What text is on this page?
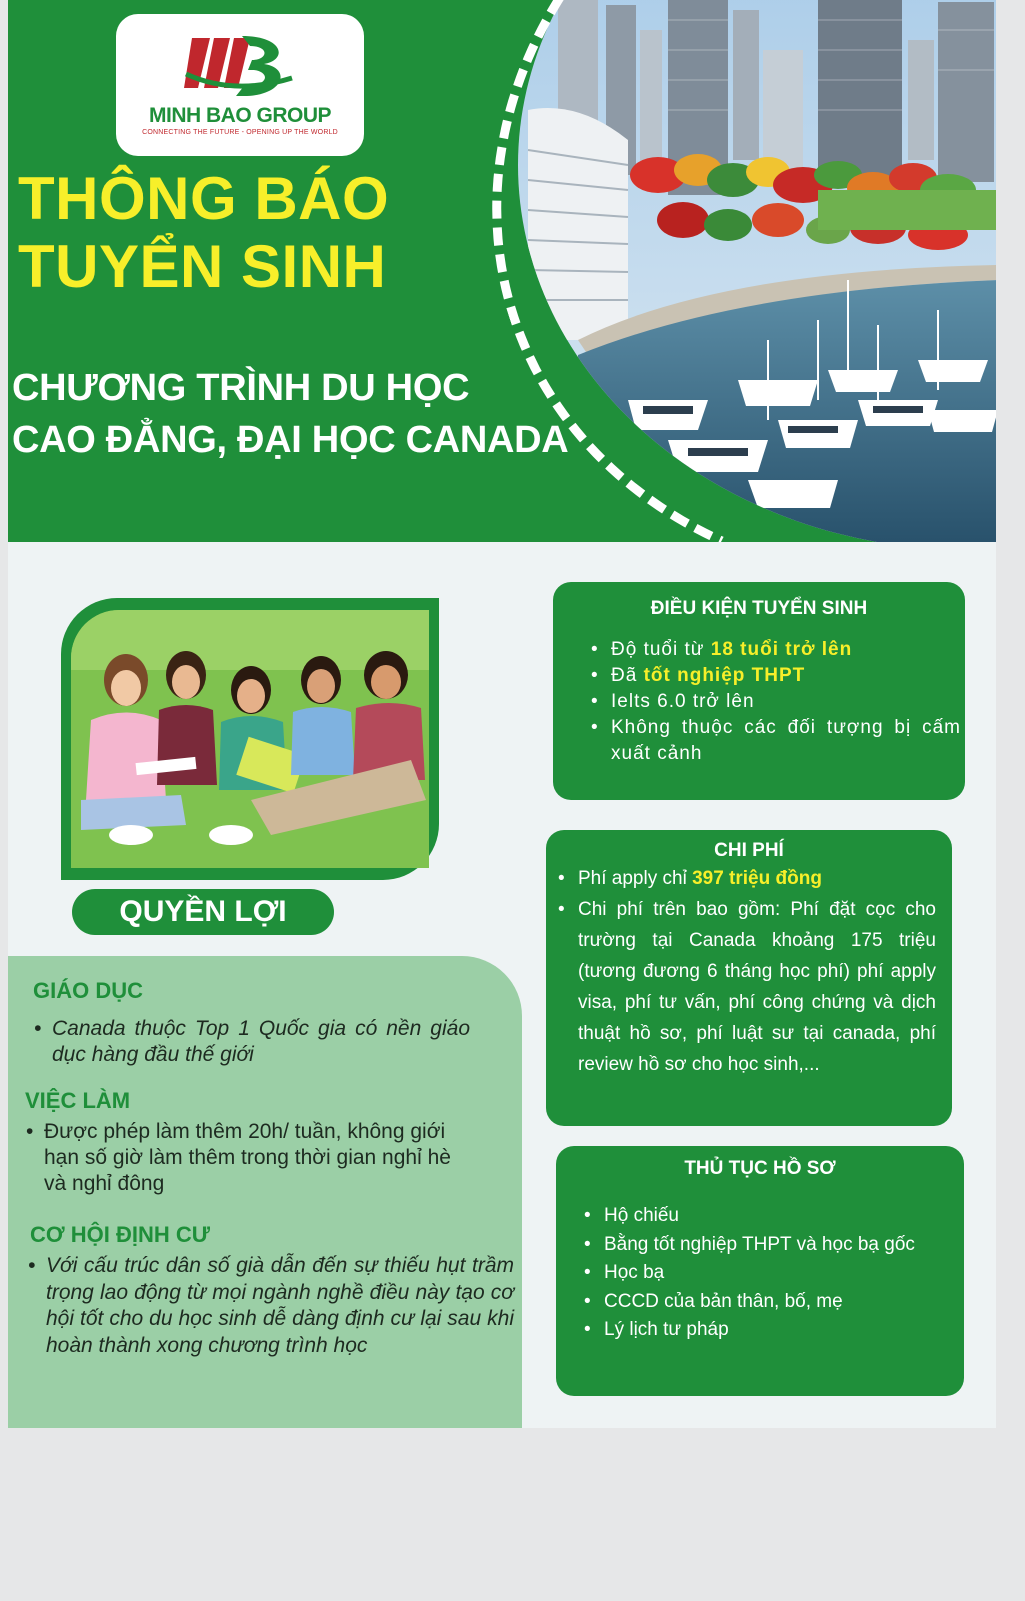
MINH BAO GROUP
CONNECTING THE FUTURE - OPENING UP THE WORLD
THÔNG BÁO
TUYỂN SINH
CHƯƠNG TRÌNH DU HỌC
CAO ĐẲNG, ĐẠI HỌC CANADA
QUYỀN LỢI
GIÁO DỤC
• Canada thuộc Top 1 Quốc gia có nền giáo dục hàng đầu thế giới
VIỆC LÀM
• Được phép làm thêm 20h/ tuần, không giới hạn số giờ làm thêm trong thời gian nghỉ hè và nghỉ đông
CƠ HỘI ĐỊNH CƯ
• Với cấu trúc dân số già dẫn đến sự thiếu hụt trầm trọng lao động từ mọi ngành nghề điều này tạo cơ hội tốt cho du học sinh dễ dàng định cư lại sau khi hoàn thành xong chương trình học
ĐIỀU KIỆN TUYỂN SINH
• Độ tuổi từ 18 tuổi trở lên
• Đã tốt nghiệp THPT
• Ielts 6.0 trở lên
• Không thuộc các đối tượng bị cấm xuất cảnh
CHI PHÍ
• Phí apply chỉ 397 triệu đồng
• Chi phí trên bao gồm: Phí đặt cọc cho trường tại Canada khoảng 175 triệu (tương đương 6 tháng học phí) phí apply visa, phí tư vấn, phí công chứng và dịch thuật hồ sơ, phí luật sư tại canada, phí review hồ sơ cho học sinh,...
THỦ TỤC HỒ SƠ
• Hộ chiếu
• Bằng tốt nghiệp THPT và học bạ gốc
• Học bạ
• CCCD của bản thân, bố, mẹ
• Lý lịch tư pháp
